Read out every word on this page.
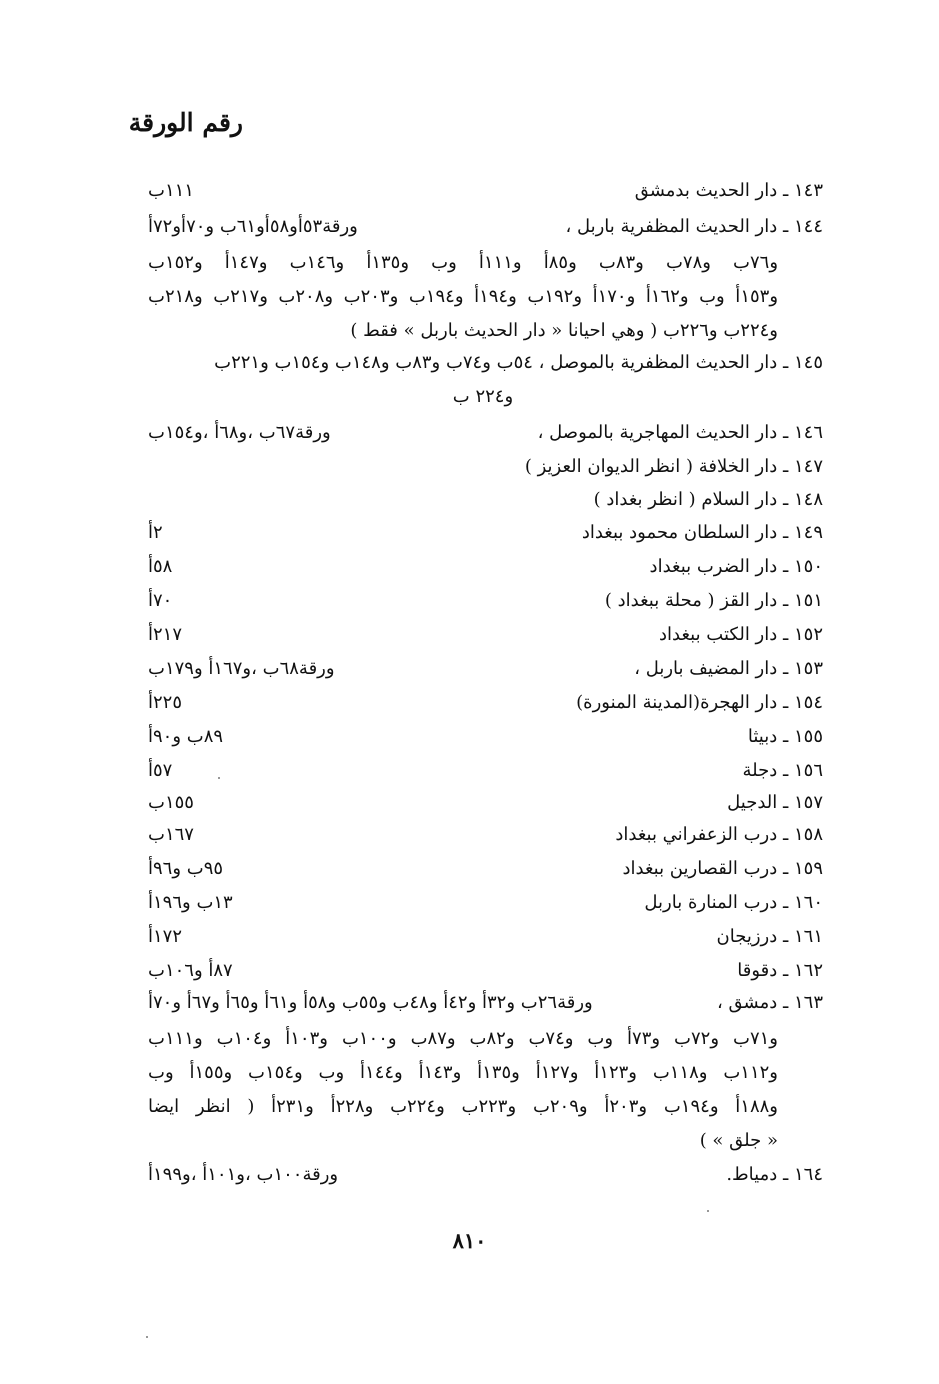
رقم الورقة
١٤٣ ـ دار الحديث بدمشق
١١١ب
١٤٤ ـ دار الحديث المظفرية باربل ،
ورقة٥٣أو٥٨أو٦١ب و٧٠أو٧٢أ
و٧٦ب و٧٨ب و٨٣ب و٨٥أ و١١١أ وب و١٣٥أ و١٤٦ب و١٤٧أ و١٥٢ب
و١٥٣أ وب و١٦٢أ و١٧٠أ و١٩٢ب و١٩٤أ و١٩٤ب و٢٠٣ب و٢٠٨ب و٢١٧ب و٢١٨ب
و٢٢٤ب و٢٢٦ب ( وهي احيانا « دار الحديث باربل » فقط )
١٤٥ ـ دار الحديث المظفرية بالموصل ، ٥٤ب و٧٤ب و٨٣ب و١٤٨ب و١٥٤ب و٢٢١ب
و٢٢٤ ب
١٤٦ ـ دار الحديث المهاجرية بالموصل ،
ورقة٦٧ب ،و٦٨أ ،و١٥٤ب
١٤٧ ـ دار الخلافة ( انظر الديوان العزيز )
١٤٨ ـ دار السلام ( انظر بغداد )
١٤٩ ـ دار السلطان محمود ببغداد
٢أ
١٥٠ ـ دار الضرب ببغداد
٥٨أ
١٥١ ـ دار القز ( محلة ببغداد )
٧٠أ
١٥٢ ـ دار الكتب ببغداد
٢١٧أ
١٥٣ ـ دار المضيف باربل ،
ورقة٦٨ب ،و١٦٧أ و١٧٩ب
١٥٤ ـ دار الهجرة(المدينة المنورة)
٢٢٥أ
١٥٥ ـ دبيثا
٨٩ب و٩٠أ
١٥٦ ـ دجلة
٥٧أ
١٥٧ ـ الدجيل
١٥٥ب
١٥٨ ـ درب الزعفراني ببغداد
١٦٧ب
١٥٩ ـ درب القصارين ببغداد
٩٥ب و٩٦أ
١٦٠ ـ درب المنارة باربل
١٣ب و١٩٦أ
١٦١ ـ درزيجان
١٧٢أ
١٦٢ ـ دقوقا
٨٧أ و١٠٦ب
١٦٣ ـ دمشق ،
ورقة٢٦ب و٣٢أ و٤٢أ و٤٨ب و٥٥ب و٥٨أ و٦١أ و٦٥أ و٦٧أ و٧٠أ
و٧١ب و٧٢ب و٧٣أ وب و٧٤ب و٨٢ب و٨٧ب و١٠٠ب و١٠٣أ و١٠٤ب و١١١ب
و١١٢ب و١١٨ب و١٢٣أ و١٢٧أ و١٣٥أ و١٤٣أ و١٤٤أ وب و١٥٤ب و١٥٥أ وب
و١٨٨أ و١٩٤ب و٢٠٣أ و٢٠٩ب و٢٢٣ب و٢٢٤ب و٢٢٨أ و٢٣١أ ( انظر ايضا
« جلق » )
١٦٤ ـ دمياط.
ورقة١٠٠ب ،و١٠١أ ،و١٩٩أ
٨١٠
